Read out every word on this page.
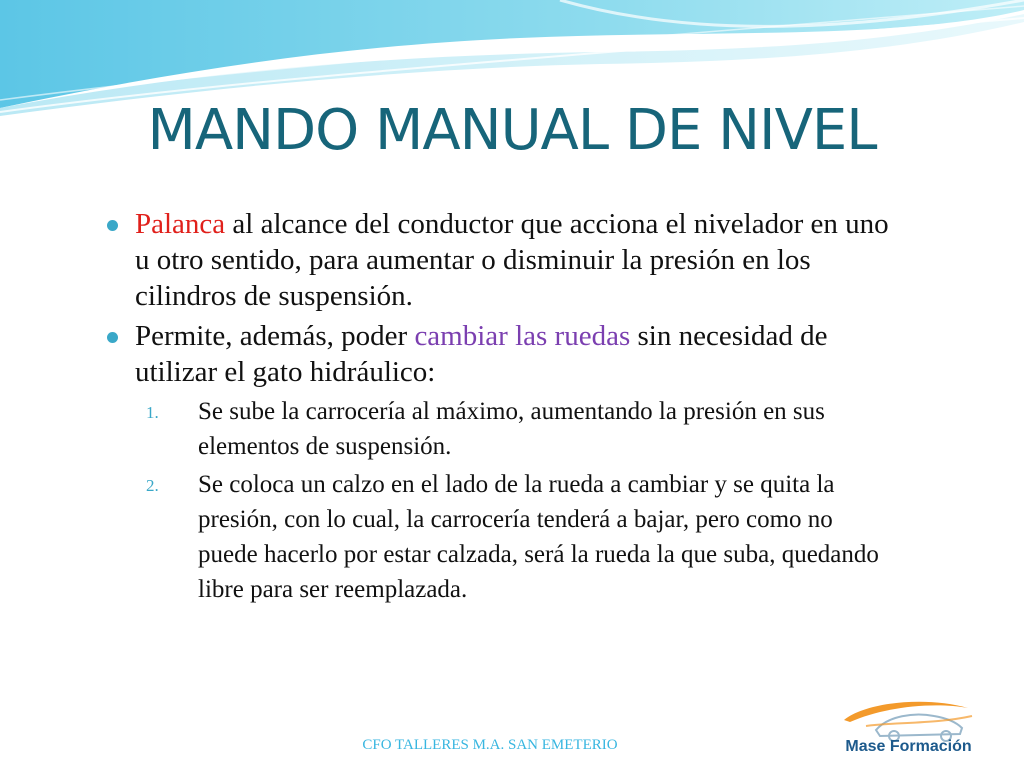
MANDO MANUAL DE NIVEL
Palanca al alcance del conductor que acciona el nivelador en uno u otro sentido, para aumentar o disminuir la presión en los cilindros de suspensión.
Permite, además, poder cambiar las ruedas sin necesidad de utilizar el gato hidráulico:
1. Se sube la carrocería al máximo, aumentando la presión en sus elementos de suspensión.
2. Se coloca un calzo en el lado de la rueda a cambiar y se quita la presión, con lo cual, la carrocería tenderá a bajar, pero como no puede hacerlo por estar calzada, será la rueda la que suba, quedando libre para ser reemplazada.
CFO TALLERES M.A. SAN EMETERIO	Mase Formación
